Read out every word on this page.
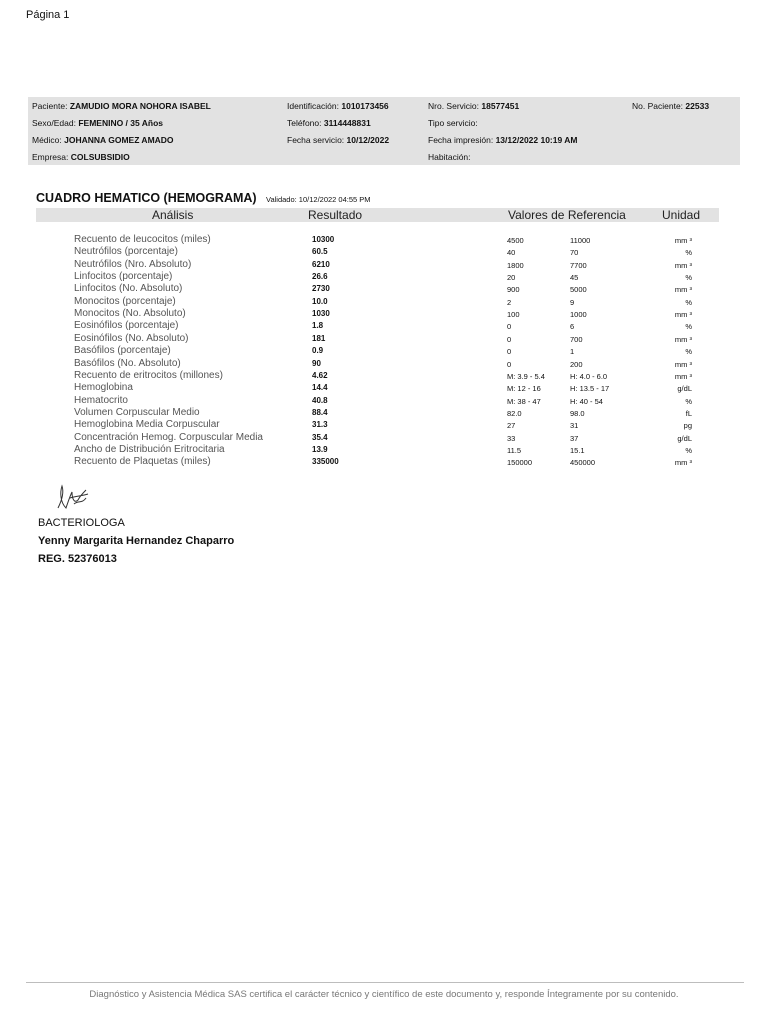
Página 1
Paciente: ZAMUDIO MORA NOHORA ISABEL	Identificación: 1010173456	Nro. Servicio: 18577451	No. Paciente: 22533
Sexo/Edad: FEMENINO / 35 Años	Teléfono: 3114448831	Tipo servicio:
Médico: JOHANNA GOMEZ AMADO	Fecha servicio: 10/12/2022	Fecha impresión: 13/12/2022 10:19 AM
Empresa: COLSUBSIDIO	Habitación:
CUADRO HEMATICO (HEMOGRAMA) Validado: 10/12/2022 04:55 PM
Análisis	Resultado	Valores de Referencia	Unidad
Recuento de leucocitos (miles)	10300	4500	11000	mm ³
Neutrófilos (porcentaje)	60.5	40	70	%
Neutrófilos (Nro. Absoluto)	6210	1800	7700	mm ³
Linfocitos (porcentaje)	26.6	20	45	%
Linfocitos (No. Absoluto)	2730	900	5000	mm ³
Monocitos (porcentaje)	10.0	2	9	%
Monocitos (No. Absoluto)	1030	100	1000	mm ³
Eosinófilos (porcentaje)	1.8	0	6	%
Eosinófilos (No. Absoluto)	181	0	700	mm ³
Basófilos (porcentaje)	0.9	0	1	%
Basófilos (No. Absoluto)	90	0	200	mm ³
Recuento de eritrocitos (millones)	4.62	M: 3.9 - 5.4	H: 4.0 - 6.0	mm ³
Hemoglobina	14.4	M: 12 - 16	H: 13.5 - 17	g/dL
Hematocrito	40.8	M: 38 - 47	H: 40 - 54	%
Volumen Corpuscular Medio	88.4	82.0	98.0	fL
Hemoglobina Media Corpuscular	31.3	27	31	pg
Concentración Hemog. Corpuscular Media	35.4	33	37	g/dL
Ancho de Distribución Eritrocitaria	13.9	11.5	15.1	%
Recuento de Plaquetas (miles)	335000	150000	450000	mm ³
BACTERIOLOGA
Yenny Margarita Hernandez Chaparro
REG. 52376013
Diagnóstico y Asistencia Médica SAS certifica el carácter técnico y científico de este documento y, responde Íntegramente por su contenido.
